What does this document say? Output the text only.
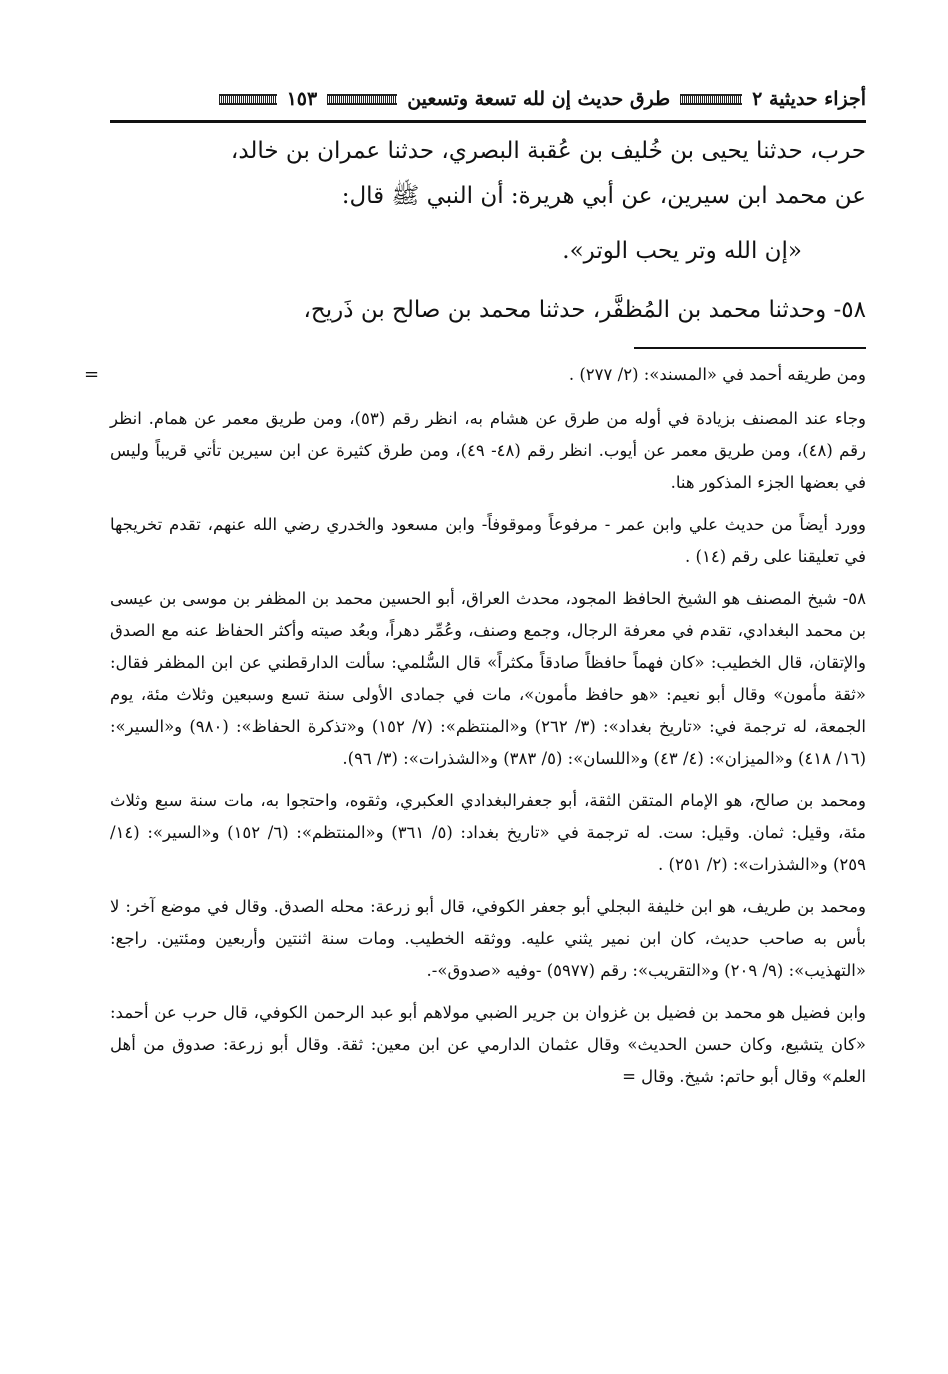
أجزاء حديثية ٢
طرق حديث إن لله تسعة وتسعين
١٥٣

حرب، حدثنا يحيى بن خُليف بن عُقبة البصري، حدثنا عمران بن خالد،

عن محمد ابن سيرين، عن أبي هريرة: أن النبي ﷺ قال:

«إن الله وتر يحب الوتر».

٥٨- وحدثنا محمد بن المُظفَّر، حدثنا محمد بن صالح بن ذَريح،

=	ومن طريقه أحمد في «المسند»: (٢/ ٢٧٧) .

وجاء عند المصنف بزيادة في أوله من طرق عن هشام به، انظر رقم (٥٣)، ومن طريق معمر عن همام. انظر رقم (٤٨)، ومن طريق معمر عن أيوب. انظر رقم (٤٨- ٤٩)، ومن طرق كثيرة عن ابن سيرين تأتي قريباً وليس في بعضها الجزء المذكور هنا.

وورد أيضاً من حديث علي وابن عمر - مرفوعاً وموقوفاً- وابن مسعود والخدري رضي الله عنهم، تقدم تخريجها في تعليقنا على رقم (١٤) .

٥٨- شيخ المصنف هو الشيخ الحافظ المجود، محدث العراق، أبو الحسين محمد بن المظفر بن موسى بن عيسى بن محمد البغدادي، تقدم في معرفة الرجال، وجمع وصنف، وعُمِّر دهراً، وبعُد صيته وأكثر الحفاظ عنه مع الصدق والإتقان، قال الخطيب: «كان فهماً حافظاً صادقاً مكثراً» قال السُّلمي: سألت الدارقطني عن ابن المظفر فقال: «ثقة مأمون» وقال أبو نعيم: «هو حافظ مأمون»، مات في جمادى الأولى سنة تسع وسبعين وثلاث مئة، يوم الجمعة، له ترجمة في: «تاريخ بغداد»: (٣/ ٢٦٢) و«المنتظم»: (٧/ ١٥٢) و«تذكرة الحفاظ»: (٩٨٠) و«السير»: (١٦/ ٤١٨) و«الميزان»: (٤/ ٤٣) و«اللسان»: (٥/ ٣٨٣) و«الشذرات»: (٣/ ٩٦).

ومحمد بن صالح، هو الإمام المتقن الثقة، أبو جعفرالبغدادي العكبري، وثقوه، واحتجوا به، مات سنة سبع وثلاث مئة، وقيل: ثمان. وقيل: ست. له ترجمة في «تاريخ بغداد: (٥/ ٣٦١) و«المنتظم»: (٦/ ١٥٢) و«السير»: (١٤/ ٢٥٩) و«الشذرات»: (٢/ ٢٥١) .

ومحمد بن طريف، هو ابن خليفة البجلي أبو جعفر الكوفي، قال أبو زرعة: محله الصدق. وقال في موضع آخر: لا بأس به صاحب حديث، كان ابن نمير يثني عليه. ووثقه الخطيب. ومات سنة اثنتين وأربعين ومئتين. راجع: «التهذيب»: (٩/ ٢٠٩) و«التقريب»: رقم (٥٩٧٧) -وفيه «صدوق»-.

وابن فضيل هو محمد بن فضيل بن غزوان بن جرير الضبي مولاهم أبو عبد الرحمن الكوفي، قال حرب عن أحمد: «كان يتشيع، وكان حسن الحديث» وقال عثمان الدارمي عن ابن معين: ثقة. وقال أبو زرعة: صدوق من أهل العلم» وقال أبو حاتم: شيخ. وقال =
